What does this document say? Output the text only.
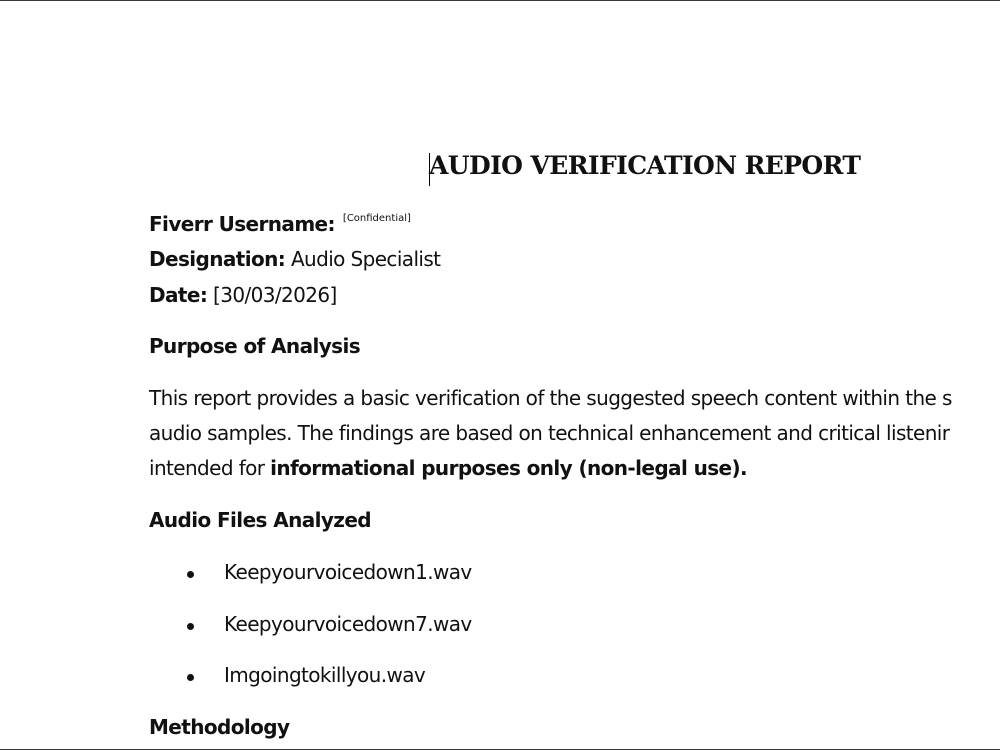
AUDIO VERIFICATION REPORT

Fiverr Username: [Confidential]

Designation: Audio Specialist

Date: [30/03/2026]

Purpose of Analysis

This report provides a basic verification of the suggested speech content within the s

audio samples. The findings are based on technical enhancement and critical listenir

intended for informational purposes only (non-legal use).

Audio Files Analyzed

Keepyourvoicedown1.wav

Keepyourvoicedown7.wav

Imgoingtokillyou.wav

Methodology
